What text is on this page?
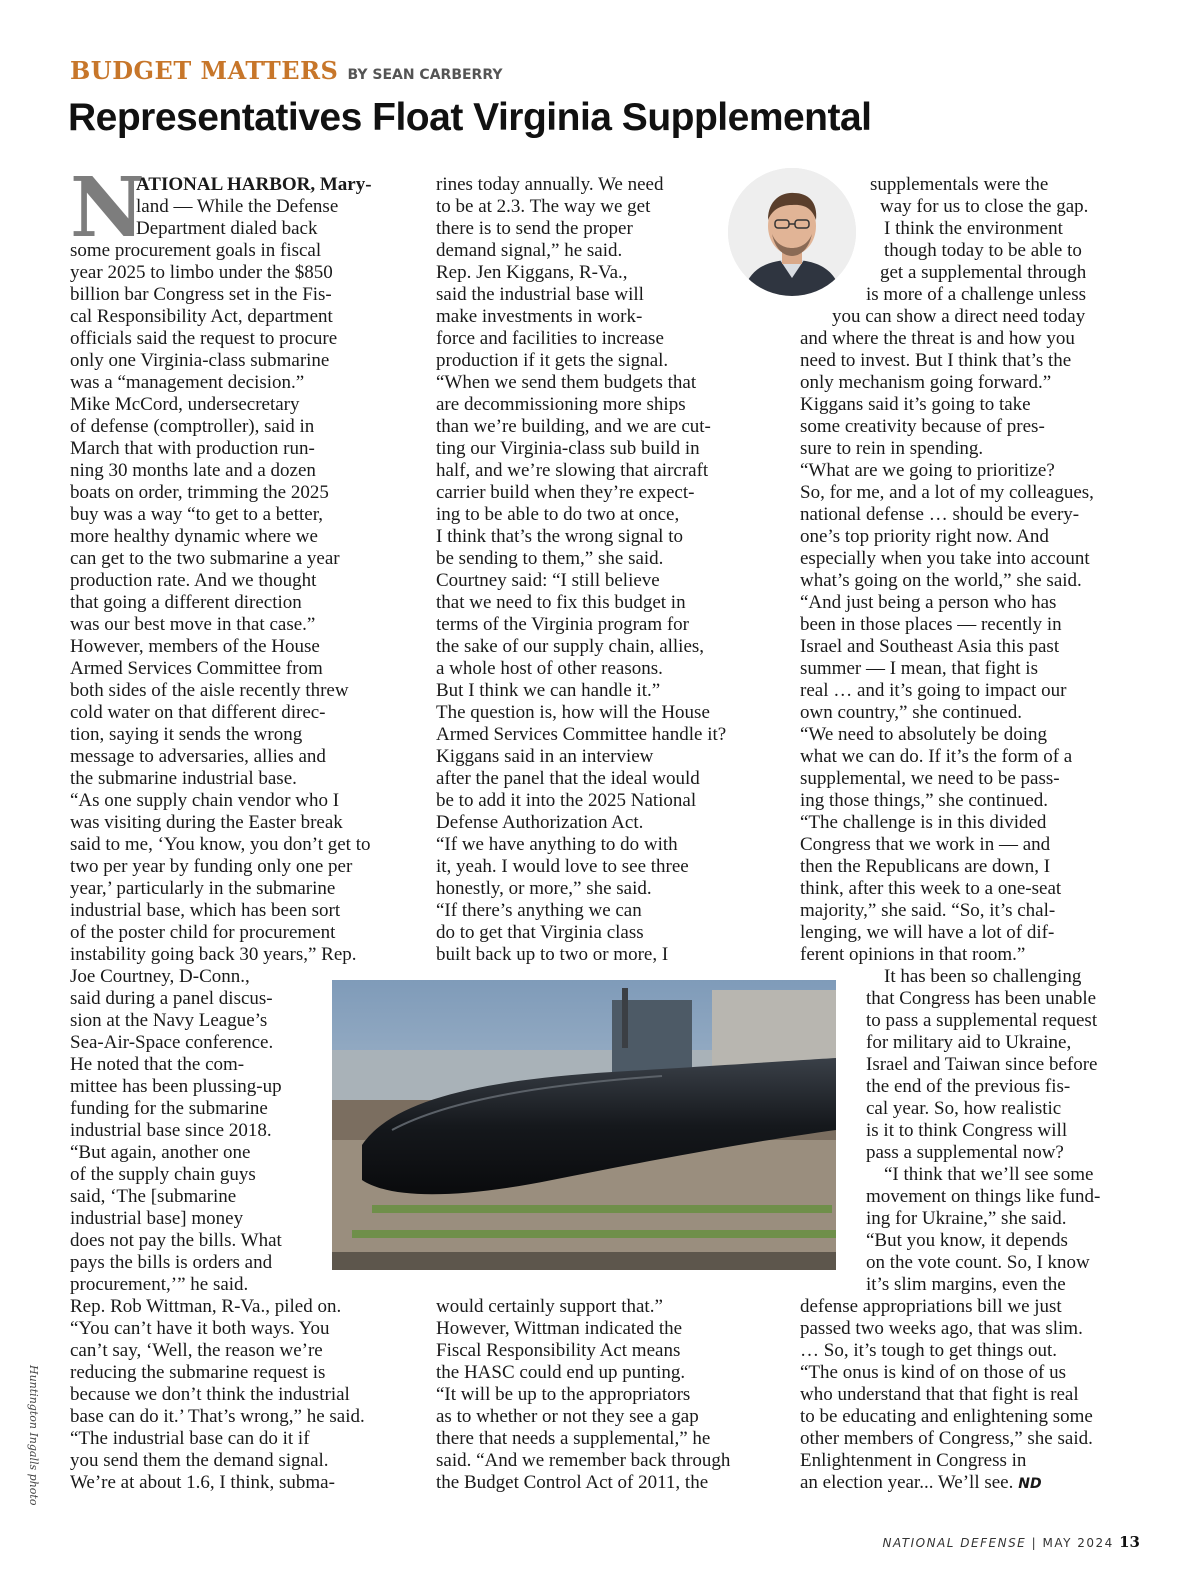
BUDGET MATTERS BY SEAN CARBERRY
Representatives Float Virginia Supplemental
N

ATIONAL HARBOR, Mary-

land — While the Defense

Department dialed back

some procurement goals in fiscal

year 2025 to limbo under the $850

billion bar Congress set in the Fis-

cal Responsibility Act, department

officials said the request to procure

only one Virginia-class submarine

was a “management decision.”

Mike McCord, undersecretary

of defense (comptroller), said in

March that with production run-

ning 30 months late and a dozen

boats on order, trimming the 2025

buy was a way “to get to a better,

more healthy dynamic where we

can get to the two submarine a year

production rate. And we thought

that going a different direction

was our best move in that case.”

However, members of the House

Armed Services Committee from

both sides of the aisle recently threw

cold water on that different direc-

tion, saying it sends the wrong

message to adversaries, allies and

the submarine industrial base.

“As one supply chain vendor who I

was visiting during the Easter break

said to me, ‘You know, you don’t get to

two per year by funding only one per

year,’ particularly in the submarine

industrial base, which has been sort

of the poster child for procurement

instability going back 30 years,” Rep.

Joe Courtney, D-Conn.,

said during a panel discus-

sion at the Navy League’s

Sea-Air-Space conference.

He noted that the com-

mittee has been plussing-up

funding for the submarine

industrial base since 2018.

“But again, another one

of the supply chain guys

said, ‘The [submarine

industrial base] money

does not pay the bills. What

pays the bills is orders and

procurement,’” he said.

Rep. Rob Wittman, R-Va., piled on.

“You can’t have it both ways. You

can’t say, ‘Well, the reason we’re

reducing the submarine request is

because we don’t think the industrial

base can do it.’ That’s wrong,” he said.

“The industrial base can do it if

you send them the demand signal.

We’re at about 1.6, I think, subma-

rines today annually. We need

to be at 2.3. The way we get

there is to send the proper

demand signal,” he said.

Rep. Jen Kiggans, R-Va.,

said the industrial base will

make investments in work-

force and facilities to increase

production if it gets the signal.

“When we send them budgets that

are decommissioning more ships

than we’re building, and we are cut-

ting our Virginia-class sub build in

half, and we’re slowing that aircraft

carrier build when they’re expect-

ing to be able to do two at once,

I think that’s the wrong signal to

be sending to them,” she said.

Courtney said: “I still believe

that we need to fix this budget in

terms of the Virginia program for

the sake of our supply chain, allies,

a whole host of other reasons.

But I think we can handle it.”

The question is, how will the House

Armed Services Committee handle it?

Kiggans said in an interview

after the panel that the ideal would

be to add it into the 2025 National

Defense Authorization Act.

“If we have anything to do with

it, yeah. I would love to see three

honestly, or more,” she said.

“If there’s anything we can

do to get that Virginia class

built back up to two or more, I

would certainly support that.”

However, Wittman indicated the

Fiscal Responsibility Act means

the HASC could end up punting.

“It will be up to the appropriators

as to whether or not they see a gap

there that needs a supplemental,” he

said. “And we remember back through

the Budget Control Act of 2011, the

supplementals were the

way for us to close the gap.

I think the environment

though today to be able to

get a supplemental through

is more of a challenge unless

you can show a direct need today

and where the threat is and how you

need to invest. But I think that’s the

only mechanism going forward.”

Kiggans said it’s going to take

some creativity because of pres-

sure to rein in spending.

“What are we going to prioritize?

So, for me, and a lot of my colleagues,

national defense … should be every-

one’s top priority right now. And

especially when you take into account

what’s going on the world,” she said.

“And just being a person who has

been in those places — recently in

Israel and Southeast Asia this past

summer — I mean, that fight is

real … and it’s going to impact our

own country,” she continued.

“We need to absolutely be doing

what we can do. If it’s the form of a

supplemental, we need to be pass-

ing those things,” she continued.

“The challenge is in this divided

Congress that we work in — and

then the Republicans are down, I

think, after this week to a one-seat

majority,” she said. “So, it’s chal-

lenging, we will have a lot of dif-

ferent opinions in that room.”

It has been so challenging

that Congress has been unable

to pass a supplemental request

for military aid to Ukraine,

Israel and Taiwan since before

the end of the previous fis-

cal year. So, how realistic

is it to think Congress will

pass a supplemental now?

“I think that we’ll see some

movement on things like fund-

ing for Ukraine,” she said.

“But you know, it depends

on the vote count. So, I know

it’s slim margins, even the

defense appropriations bill we just

passed two weeks ago, that was slim.

… So, it’s tough to get things out.

“The onus is kind of on those of us

who understand that that fight is real

to be educating and enlightening some

other members of Congress,” she said.

Enlightenment in Congress in

an election year... We’ll see. ND

Huntington Ingalls photo
NATIONAL DEFENSE | MAY 2024 13
